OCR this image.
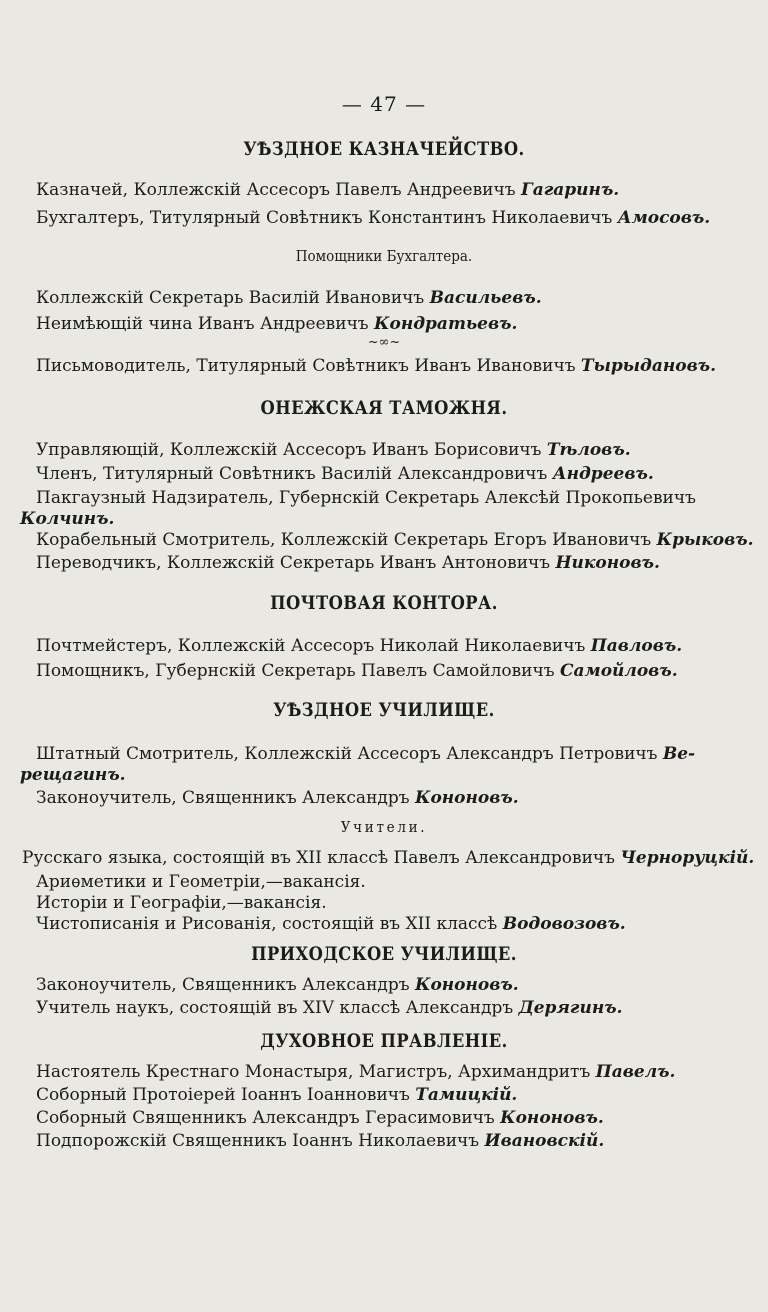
— 47 —
УѢЗДНОЕ КАЗНАЧЕЙСТВО.
Казначей, Коллежскій Ассесоръ Павелъ Андреевичъ Гагаринъ.
Бухгалтеръ, Титулярный Совѣтникъ Константинъ Николаевичъ Амосовъ.
Помощники Бухгалтера.
Коллежскій Секретарь Василій Ивановичъ Васильевъ.
Неимѣющій чина Иванъ Андреевичъ Кондратьевъ.
~∞~
Письмоводитель, Титулярный Совѣтникъ Иванъ Ивановичъ Тырыдановъ.
ОНЕЖСКАЯ ТАМОЖНЯ.
Управляющій, Коллежскій Ассесоръ Иванъ Борисовичъ Тѣловъ.
Членъ, Титулярный Совѣтникъ Василій Александровичъ Андреевъ.
Пакгаузный Надзиратель, Губернскій Секретарь Алексѣй Прокопьевичъ
Колчинъ.
Корабельный Смотритель, Коллежскій Секретарь Егоръ Ивановичъ Крыковъ.
Переводчикъ, Коллежскій Секретарь Иванъ Антоновичъ Никоновъ.
ПОЧТОВАЯ КОНТОРА.
Почтмейстеръ, Коллежскій Ассесоръ Николай Николаевичъ Павловъ.
Помощникъ, Губернскій Секретарь Павелъ Самойловичъ Самойловъ.
УѢЗДНОЕ УЧИЛИЩЕ.
Штатный Смотритель, Коллежскій Ассесоръ Александръ Петровичъ Ве-
рещагинъ.
Законоучитель, Священникъ Александръ Кононовъ.
Учители.
Русскаго языка, состоящій въ XII классѣ Павелъ Александровичъ Черноруцкій.
Ариѳметики и Геометріи,—вакансія.
Исторіи и Географіи,—вакансія.
Чистописанія и Рисованія, состоящій въ XII классѣ Водовозовъ.
ПРИХОДСКОЕ УЧИЛИЩЕ.
Законоучитель, Священникъ Александръ Кононовъ.
Учитель наукъ, состоящій въ XIV классѣ Александръ Дерягинъ.
ДУХОВНОЕ ПРАВЛЕНІЕ.
Настоятель Крестнаго Монастыря, Магистръ, Архимандритъ Павелъ.
Соборный Протоіерей Іоаннъ Іоанновичъ Тамицкій.
Соборный Священникъ Александръ Герасимовичъ Кононовъ.
Подпорожскій Священникъ Іоаннъ Николаевичъ Ивановскій.
